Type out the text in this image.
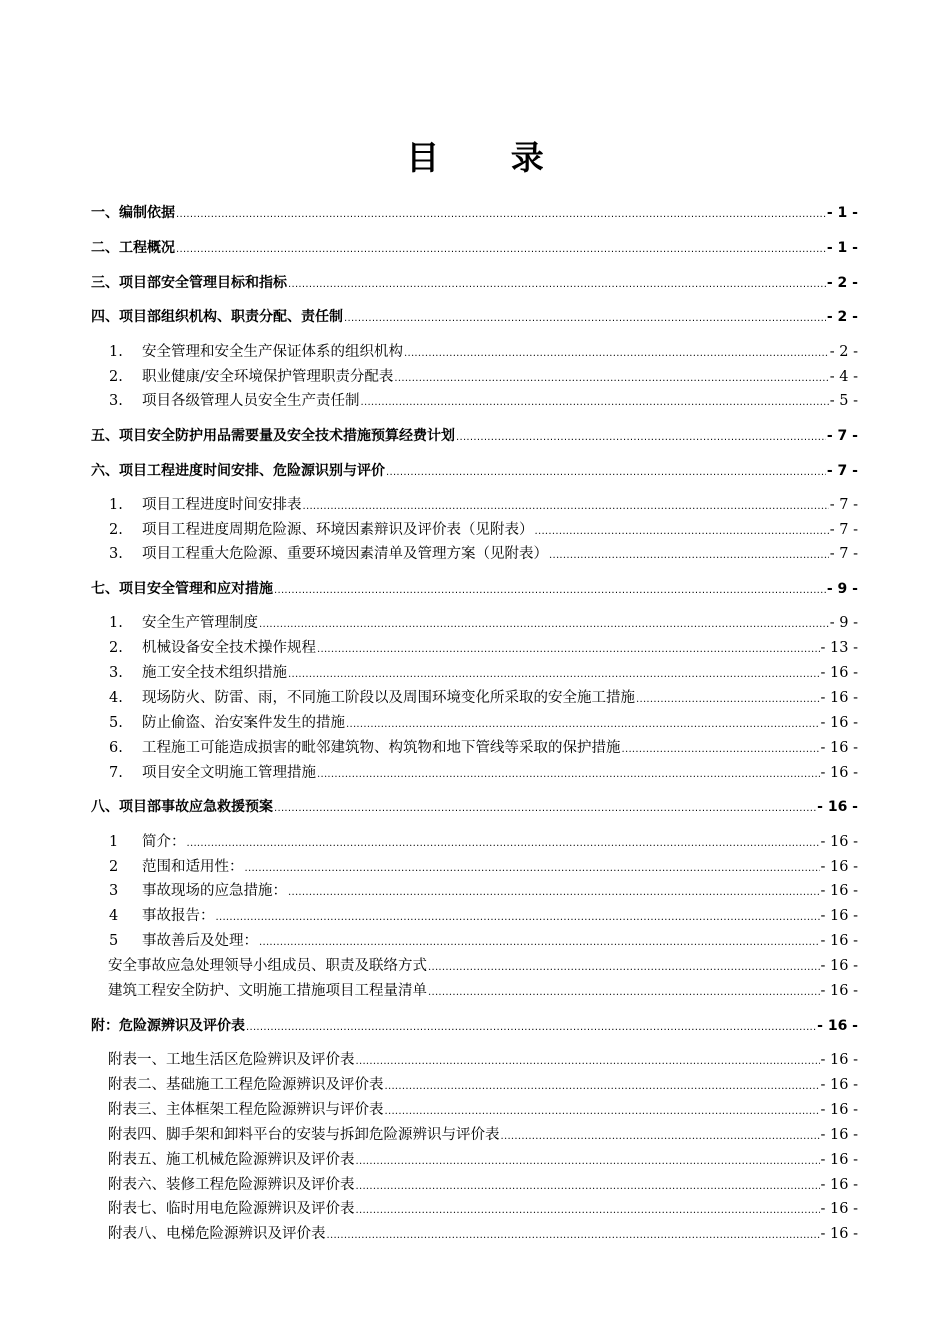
目 录
一、编制依据 .....	- 1 -
二、工程概况 .....	- 1 -
三、项目部安全管理目标和指标 .....	- 2 -
四、项目部组织机构、职责分配、责任制 .....	- 2 -
1.	安全管理和安全生产保证体系的组织机构 .....	- 2 -
2.	职业健康/安全环境保护管理职责分配表 .....	- 4 -
3.	项目各级管理人员安全生产责任制 .....	- 5 -
五、项目安全防护用品需要量及安全技术措施预算经费计划 .....	- 7 -
六、项目工程进度时间安排、危险源识别与评价 .....	- 7 -
1.	项目工程进度时间安排表 .....	- 7 -
2.	项目工程进度周期危险源、环境因素辩识及评价表（见附表） .....	- 7 -
3.	项目工程重大危险源、重要环境因素清单及管理方案（见附表） .....	- 7 -
七、项目安全管理和应对措施 .....	- 9 -
1.	安全生产管理制度 .....	- 9 -
2.	机械设备安全技术操作规程 .....	- 13 -
3.	施工安全技术组织措施 .....	- 16 -
4.	现场防火、防雷、雨，不同施工阶段以及周围环境变化所采取的安全施工措施 .....	- 16 -
5.	防止偷盗、治安案件发生的措施 .....	- 16 -
6.	工程施工可能造成损害的毗邻建筑物、构筑物和地下管线等采取的保护措施 .....	- 16 -
7.	项目安全文明施工管理措施 .....	- 16 -
八、项目部事故应急救援预案 .....	- 16 -
1	简介： .....	- 16 -
2	范围和适用性： .....	- 16 -
3	事故现场的应急措施： .....	- 16 -
4	事故报告： .....	- 16 -
5	事故善后及处理： .....	- 16 -
安全事故应急处理领导小组成员、职责及联络方式 .....	- 16 -
建筑工程安全防护、文明施工措施项目工程量清单 .....	- 16 -
附：危险源辨识及评价表 .....	- 16 -
附表一、工地生活区危险辨识及评价表 .....	- 16 -
附表二、基础施工工程危险源辨识及评价表 .....	- 16 -
附表三、主体框架工程危险源辨识与评价表 .....	- 16 -
附表四、脚手架和卸料平台的安装与拆卸危险源辨识与评价表 .....	- 16 -
附表五、施工机械危险源辨识及评价表 .....	- 16 -
附表六、装修工程危险源辨识及评价表 .....	- 16 -
附表七、临时用电危险源辨识及评价表 .....	- 16 -
附表八、电梯危险源辨识及评价表 .....	- 16 -
